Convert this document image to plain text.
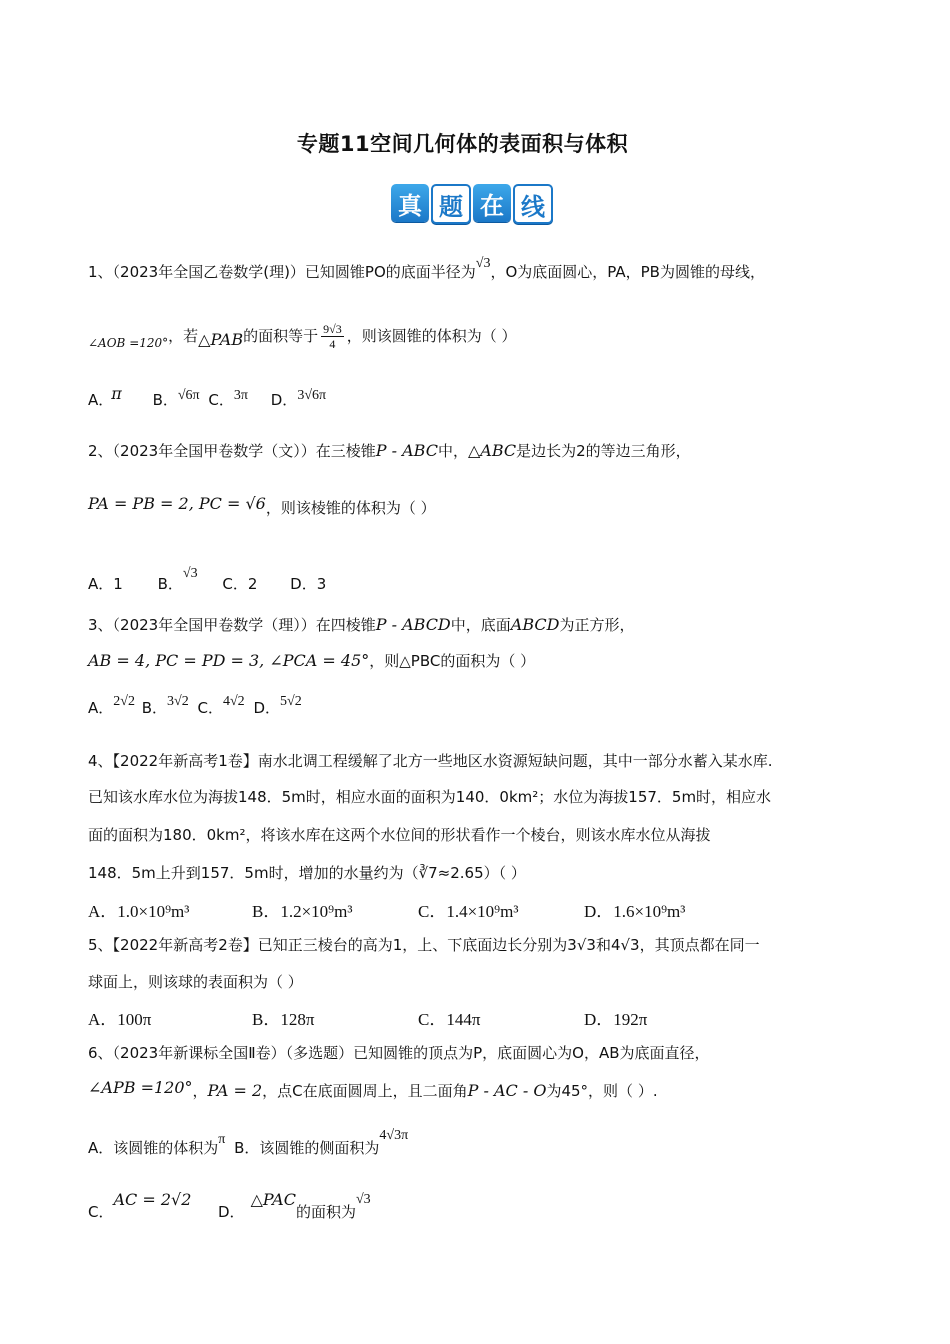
专题11空间几何体的表面积与体积
真 题 在 线
1、（2023年全国乙卷数学(理)）已知圆锥PO的底面半径为√3，O为底面圆心，PA，PB为圆锥的母线，
$_{\angle AOB =120^\circ}$，若△PAB的面积等于 $\frac{9√3}{4}$ ，则该圆锥的体积为（ ）
A．π B．√6π C．3π D．3√6π
2、（2023年全国甲卷数学（文））在三棱锥P - ABC中，△ABC是边长为2的等边三角形，
PA = PB = 2, PC = √6，则该棱锥的体积为（ ）
A．1 B．√3 C．2 D．3
3、（2023年全国甲卷数学（理））在四棱锥P - ABCD中，底面ABCD为正方形，
AB = 4, PC = PD = 3, ∠PCA = 45°，则△PBC的面积为（ ）
A．2√2 B．3√2 C．4√2 D．5√2
4、【2022年新高考1卷】南水北调工程缓解了北方一些地区水资源短缺问题，其中一部分水蓄入某水库.
已知该水库水位为海拔148．5m时，相应水面的面积为140．0km²；水位为海拔157．5m时，相应水
面的面积为180．0km²，将该水库在这两个水位间的形状看作一个棱台，则该水库水位从海拔
148．5m上升到157．5m时，增加的水量约为（∛7≈2.65）（ ）
A．1.0×10⁹m³	B．1.2×10⁹m³	C．1.4×10⁹m³	D．1.6×10⁹m³
5、【2022年新高考2卷】已知正三棱台的高为1，上、下底面边长分别为3√3和4√3，其顶点都在同一
球面上，则该球的表面积为（ ）
A．100π	B．128π	C．144π	D．192π
6、（2023年新课标全国Ⅱ卷）（多选题）已知圆锥的顶点为P，底面圆心为O，AB为底面直径，
∠APB =120°，PA = 2，点C在底面圆周上，且二面角P - AC - O为45°，则（ ）.
A．该圆锥的体积为π B．该圆锥的侧面积为4√3π
C．AC = 2√2D．△PAC的面积为√3
